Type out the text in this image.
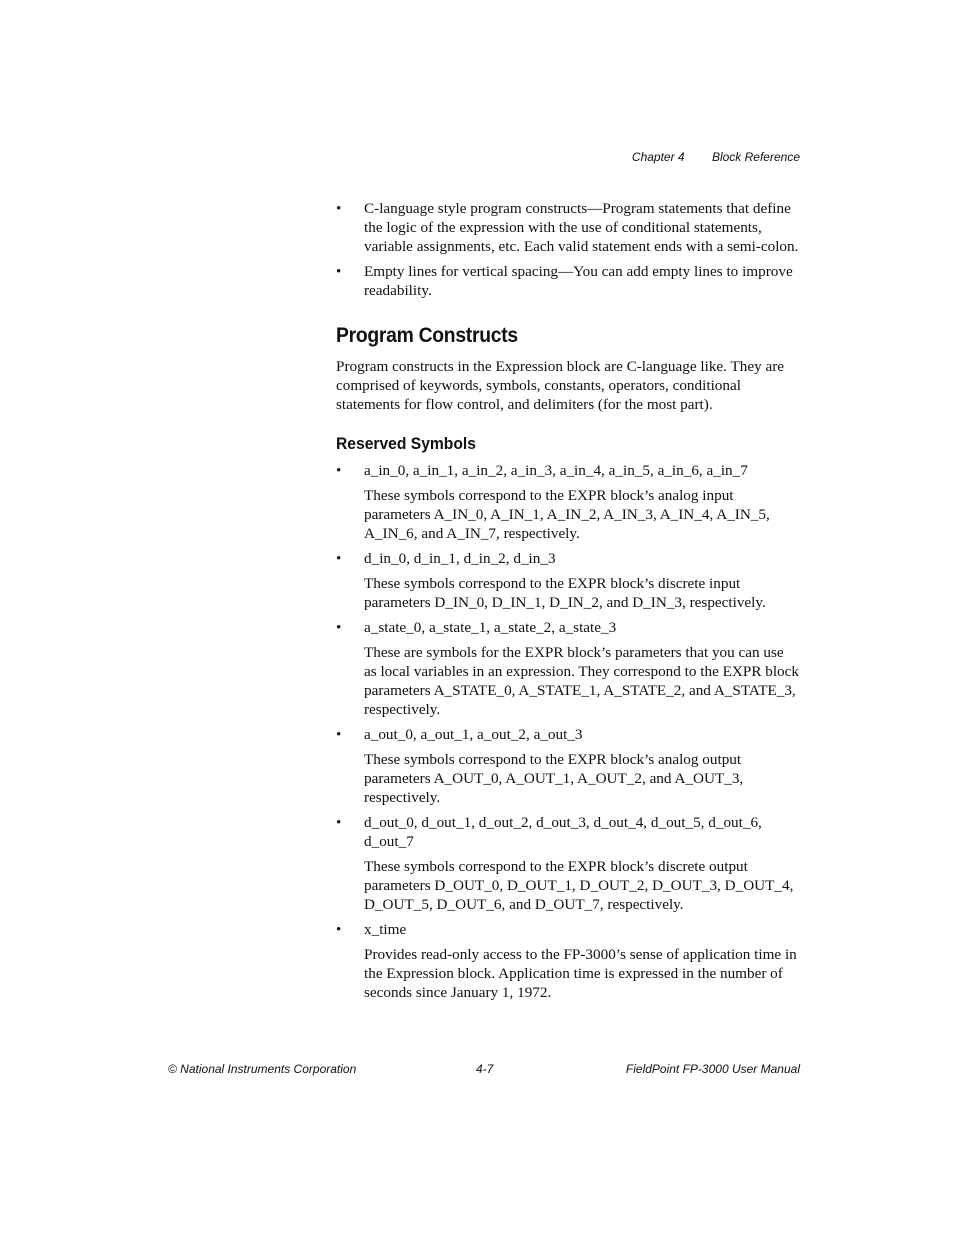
Chapter 4 Block Reference
•	C-language style program constructs—Program statements that define the logic of the expression with the use of conditional statements, variable assignments, etc. Each valid statement ends with a semi-colon.
•	Empty lines for vertical spacing—You can add empty lines to improve readability.
Program Constructs

Program constructs in the Expression block are C-language like. They are comprised of keywords, symbols, constants, operators, conditional statements for flow control, and delimiters (for the most part).

Reserved Symbols
•	a_in_0, a_in_1, a_in_2, a_in_3, a_in_4, a_in_5, a_in_6, a_in_7
These symbols correspond to the EXPR block’s analog input parameters A_IN_0, A_IN_1, A_IN_2, A_IN_3, A_IN_4, A_IN_5, A_IN_6, and A_IN_7, respectively.
•	d_in_0, d_in_1, d_in_2, d_in_3
These symbols correspond to the EXPR block’s discrete input parameters D_IN_0, D_IN_1, D_IN_2, and D_IN_3, respectively.
•	a_state_0, a_state_1, a_state_2, a_state_3
These are symbols for the EXPR block’s parameters that you can use as local variables in an expression. They correspond to the EXPR block parameters A_STATE_0, A_STATE_1, A_STATE_2, and A_STATE_3, respectively.
•	a_out_0, a_out_1, a_out_2, a_out_3
These symbols correspond to the EXPR block’s analog output parameters A_OUT_0, A_OUT_1, A_OUT_2, and A_OUT_3, respectively.
•	d_out_0, d_out_1, d_out_2, d_out_3, d_out_4, d_out_5, d_out_6, d_out_7
These symbols correspond to the EXPR block’s discrete output parameters D_OUT_0, D_OUT_1, D_OUT_2, D_OUT_3, D_OUT_4, D_OUT_5, D_OUT_6, and D_OUT_7, respectively.
•	x_time
Provides read-only access to the FP-3000’s sense of application time in the Expression block. Application time is expressed in the number of seconds since January 1, 1972.
© National Instruments Corporation	4-7	FieldPoint FP-3000 User Manual
